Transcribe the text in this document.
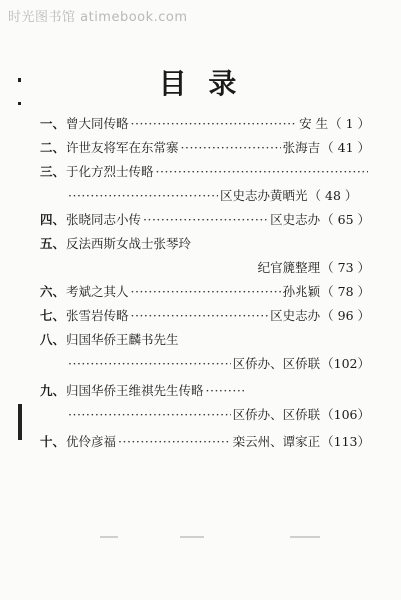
时光图书馆 atimebook.com
目 录
一、 曾大同传略 ·····	安 生 （ 1 ）
二、 许世友将军在东常寨 ·····	张海吉 （ 41 ）
三、 于化方烈士传略
·····
·····
区史志办黄晒光 （ 48 ）
四、 张晓同志小传 ·····	区史志办 （ 65 ）
五、 反法西斯女战士张琴玲
纪官篪整理 （ 73 ）
六、 考斌之其人 ·····	孙兆颖 （ 78 ）
七、 张雪岩传略 ·····	区史志办 （ 96 ）
八、 归国华侨王麟书先生
·····
区侨办、区侨联 （102）
九、 归国华侨王维祺先生传略
·····
·····
区侨办、区侨联 （106）
十、 优伶彦福 ·····	栾云州、谭家正 （113）
